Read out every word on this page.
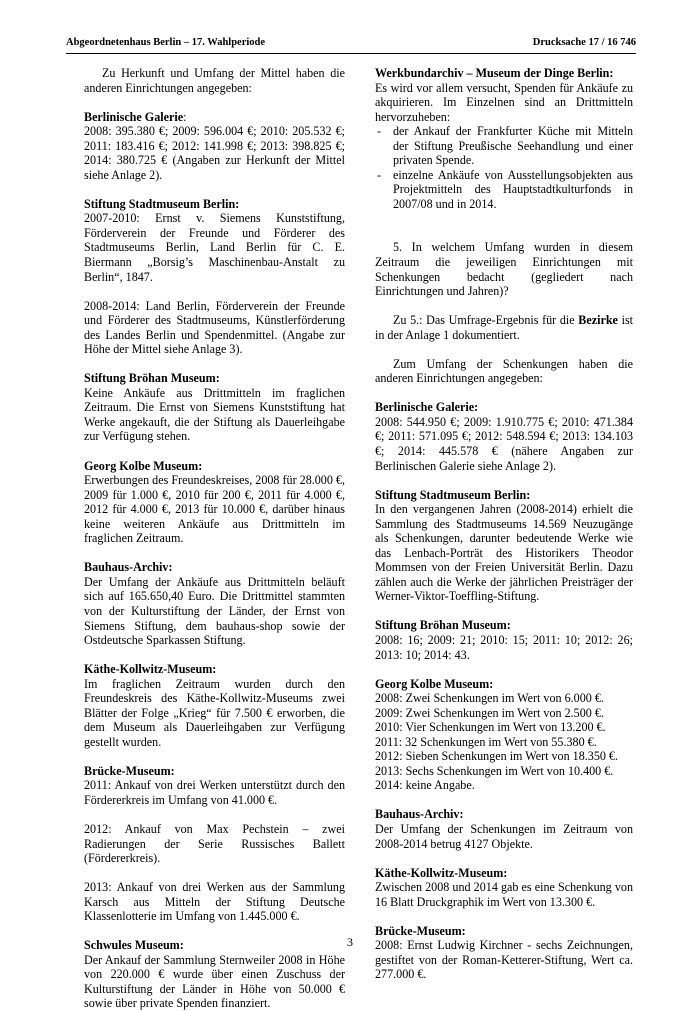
Abgeordnetenhaus Berlin – 17. Wahlperiode	Drucksache 17 / 16 746

Zu Herkunft und Umfang der Mittel haben die anderen Einrichtungen angegeben:

Berlinische Galerie:

2008: 395.380 €; 2009: 596.004 €; 2010: 205.532 €; 2011: 183.416 €; 2012: 141.998 €; 2013: 398.825 €; 2014: 380.725 € (Angaben zur Herkunft der Mittel siehe Anlage 2).

Stiftung Stadtmuseum Berlin:

2007-2010: Ernst v. Siemens Kunststiftung, Förderverein der Freunde und Förderer des Stadtmuseums Berlin, Land Berlin für C. E. Biermann „Borsig’s Maschinenbau-Anstalt zu Berlin“, 1847.

2008-2014: Land Berlin, Förderverein der Freunde und Förderer des Stadtmuseums, Künstlerförderung des Landes Berlin und Spendenmittel. (Angabe zur Höhe der Mittel siehe Anlage 3).

Stiftung Bröhan Museum:

Keine Ankäufe aus Drittmitteln im fraglichen Zeitraum. Die Ernst von Siemens Kunststiftung hat Werke angekauft, die der Stiftung als Dauerleihgabe zur Verfügung stehen.

Georg Kolbe Museum:

Erwerbungen des Freundeskreises, 2008 für 28.000 €, 2009 für 1.000 €, 2010 für 200 €, 2011 für 4.000 €, 2012 für 4.000 €, 2013 für 10.000 €, darüber hinaus keine weiteren Ankäufe aus Drittmitteln im fraglichen Zeitraum.

Bauhaus-Archiv:

Der Umfang der Ankäufe aus Drittmitteln beläuft sich auf 165.650,40 Euro. Die Drittmittel stammten von der Kulturstiftung der Länder, der Ernst von Siemens Stiftung, dem bauhaus-shop sowie der Ostdeutsche Sparkassen Stiftung.

Käthe-Kollwitz-Museum:

Im fraglichen Zeitraum wurden durch den Freundeskreis des Käthe-Kollwitz-Museums zwei Blätter der Folge „Krieg“ für 7.500 € erworben, die dem Museum als Dauerleihgaben zur Verfügung gestellt wurden.

Brücke-Museum:

2011: Ankauf von drei Werken unterstützt durch den Fördererkreis im Umfang von 41.000 €.

2012: Ankauf von Max Pechstein – zwei Radierungen der Serie Russisches Ballett (Fördererkreis).

2013: Ankauf von drei Werken aus der Sammlung Karsch aus Mitteln der Stiftung Deutsche Klassenlotterie im Umfang von 1.445.000 €.

Schwules Museum:

Der Ankauf der Sammlung Sternweiler 2008 in Höhe von 220.000 € wurde über einen Zuschuss der Kulturstiftung der Länder in Höhe von 50.000 € sowie über private Spenden finanziert.

Werkbundarchiv – Museum der Dinge Berlin:

Es wird vor allem versucht, Spenden für Ankäufe zu akquirieren. Im Einzelnen sind an Drittmitteln hervorzuheben:

- der Ankauf der Frankfurter Küche mit Mitteln der Stiftung Preußische Seehandlung und einer privaten Spende.
- einzelne Ankäufe von Ausstellungsobjekten aus Projektmitteln des Hauptstadtkulturfonds in 2007/08 und in 2014.

5. In welchem Umfang wurden in diesem Zeitraum die jeweiligen Einrichtungen mit Schenkungen bedacht (gegliedert nach Einrichtungen und Jahren)?

Zu 5.: Das Umfrage-Ergebnis für die Bezirke ist in der Anlage 1 dokumentiert.

Zum Umfang der Schenkungen haben die anderen Einrichtungen angegeben:

Berlinische Galerie:

2008: 544.950 €; 2009: 1.910.775 €; 2010: 471.384 €; 2011: 571.095 €; 2012: 548.594 €; 2013: 134.103 €; 2014: 445.578 € (nähere Angaben zur Berlinischen Galerie siehe Anlage 2).

Stiftung Stadtmuseum Berlin:

In den vergangenen Jahren (2008-2014) erhielt die Sammlung des Stadtmuseums 14.569 Neuzugänge als Schenkungen, darunter bedeutende Werke wie das Lenbach-Porträt des Historikers Theodor Mommsen von der Freien Universität Berlin. Dazu zählen auch die Werke der jährlichen Preisträger der Werner-Viktor-Toeffling-Stiftung.

Stiftung Bröhan Museum:

2008: 16; 2009: 21; 2010: 15; 2011: 10; 2012: 26; 2013: 10; 2014: 43.

Georg Kolbe Museum:

2008: Zwei Schenkungen im Wert von 6.000 €.

2009: Zwei Schenkungen im Wert von 2.500 €.

2010: Vier Schenkungen im Wert von 13.200 €.

2011: 32 Schenkungen im Wert von 55.380 €.

2012: Sieben Schenkungen im Wert von 18.350 €.

2013: Sechs Schenkungen im Wert von 10.400 €.

2014: keine Angabe.

Bauhaus-Archiv:

Der Umfang der Schenkungen im Zeitraum von 2008-2014 betrug 4127 Objekte.

Käthe-Kollwitz-Museum:

Zwischen 2008 und 2014 gab es eine Schenkung von 16 Blatt Druckgraphik im Wert von 13.300 €.

Brücke-Museum:

2008: Ernst Ludwig Kirchner - sechs Zeichnungen, gestiftet von der Roman-Ketterer-Stiftung, Wert ca. 277.000 €.

3
